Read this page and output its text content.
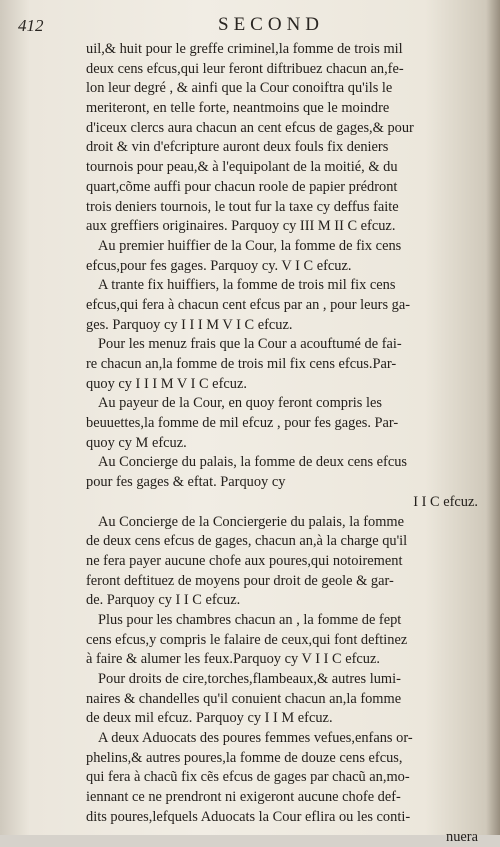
412	SECOND
uil,& huit pour le greffe criminel,la fomme de trois mil
deux cens efcus,qui leur feront diftribuez chacun an,fe-
lon leur degré , & ainfi que la Cour conoiftra qu'ils le
meriteront, en telle forte, neantmoins que le moindre
d'iceux clercs aura chacun an cent efcus de gages,& pour
droit & vin d'efcripture auront deux fouls fix deniers
tournois pour peau,& à l'equipolant de la moitié, & du
quart,cõme auffi pour chacun roole de papier prédront
trois deniers tournois, le tout fur la taxe cy deffus faite
aux greffiers originaires. Parquoy cy III M II C efcuz.
Au premier huiffier de la Cour, la fomme de fix cens
efcus,pour fes gages. Parquoy cy. V I C efcuz.
A trante fix huiffiers, la fomme de trois mil fix cens
efcus,qui fera à chacun cent efcus par an , pour leurs ga-
ges. Parquoy cy I I I M V I C efcuz.
Pour les menuz frais que la Cour a acouftumé de fai-
re chacun an,la fomme de trois mil fix cens efcus.Par-
quoy cy I I I M V I C efcuz.
Au payeur de la Cour, en quoy feront compris les
beuuettes,la fomme de mil efcuz , pour fes gages. Par-
quoy cy M efcuz.
Au Concierge du palais, la fomme de deux cens efcus
pour fes gages & eftat. Parquoy cy
I I C efcuz.
Au Concierge de la Conciergerie du palais, la fomme
de deux cens efcus de gages, chacun an,à la charge qu'il
ne fera payer aucune chofe aux poures,qui notoirement
feront deftituez de moyens pour droit de geole & gar-
de. Parquoy cy I I C efcuz.
Plus pour les chambres chacun an , la fomme de fept
cens efcus,y compris le falaire de ceux,qui font deftinez
à faire & alumer les feux.Parquoy cy V I I C efcuz.
Pour droits de cire,torches,flambeaux,& autres lumi-
naires & chandelles qu'il conuient chacun an,la fomme
de deux mil efcuz. Parquoy cy I I M efcuz.
A deux Aduocats des poures femmes vefues,enfans or-
phelins,& autres poures,la fomme de douze cens efcus,
qui fera à chacũ fix cẽs efcus de gages par chacũ an,mo-
iennant ce ne prendront ni exigeront aucune chofe def-
dits poures,lefquels Aduocats la Cour eflira ou les conti-
nuera
